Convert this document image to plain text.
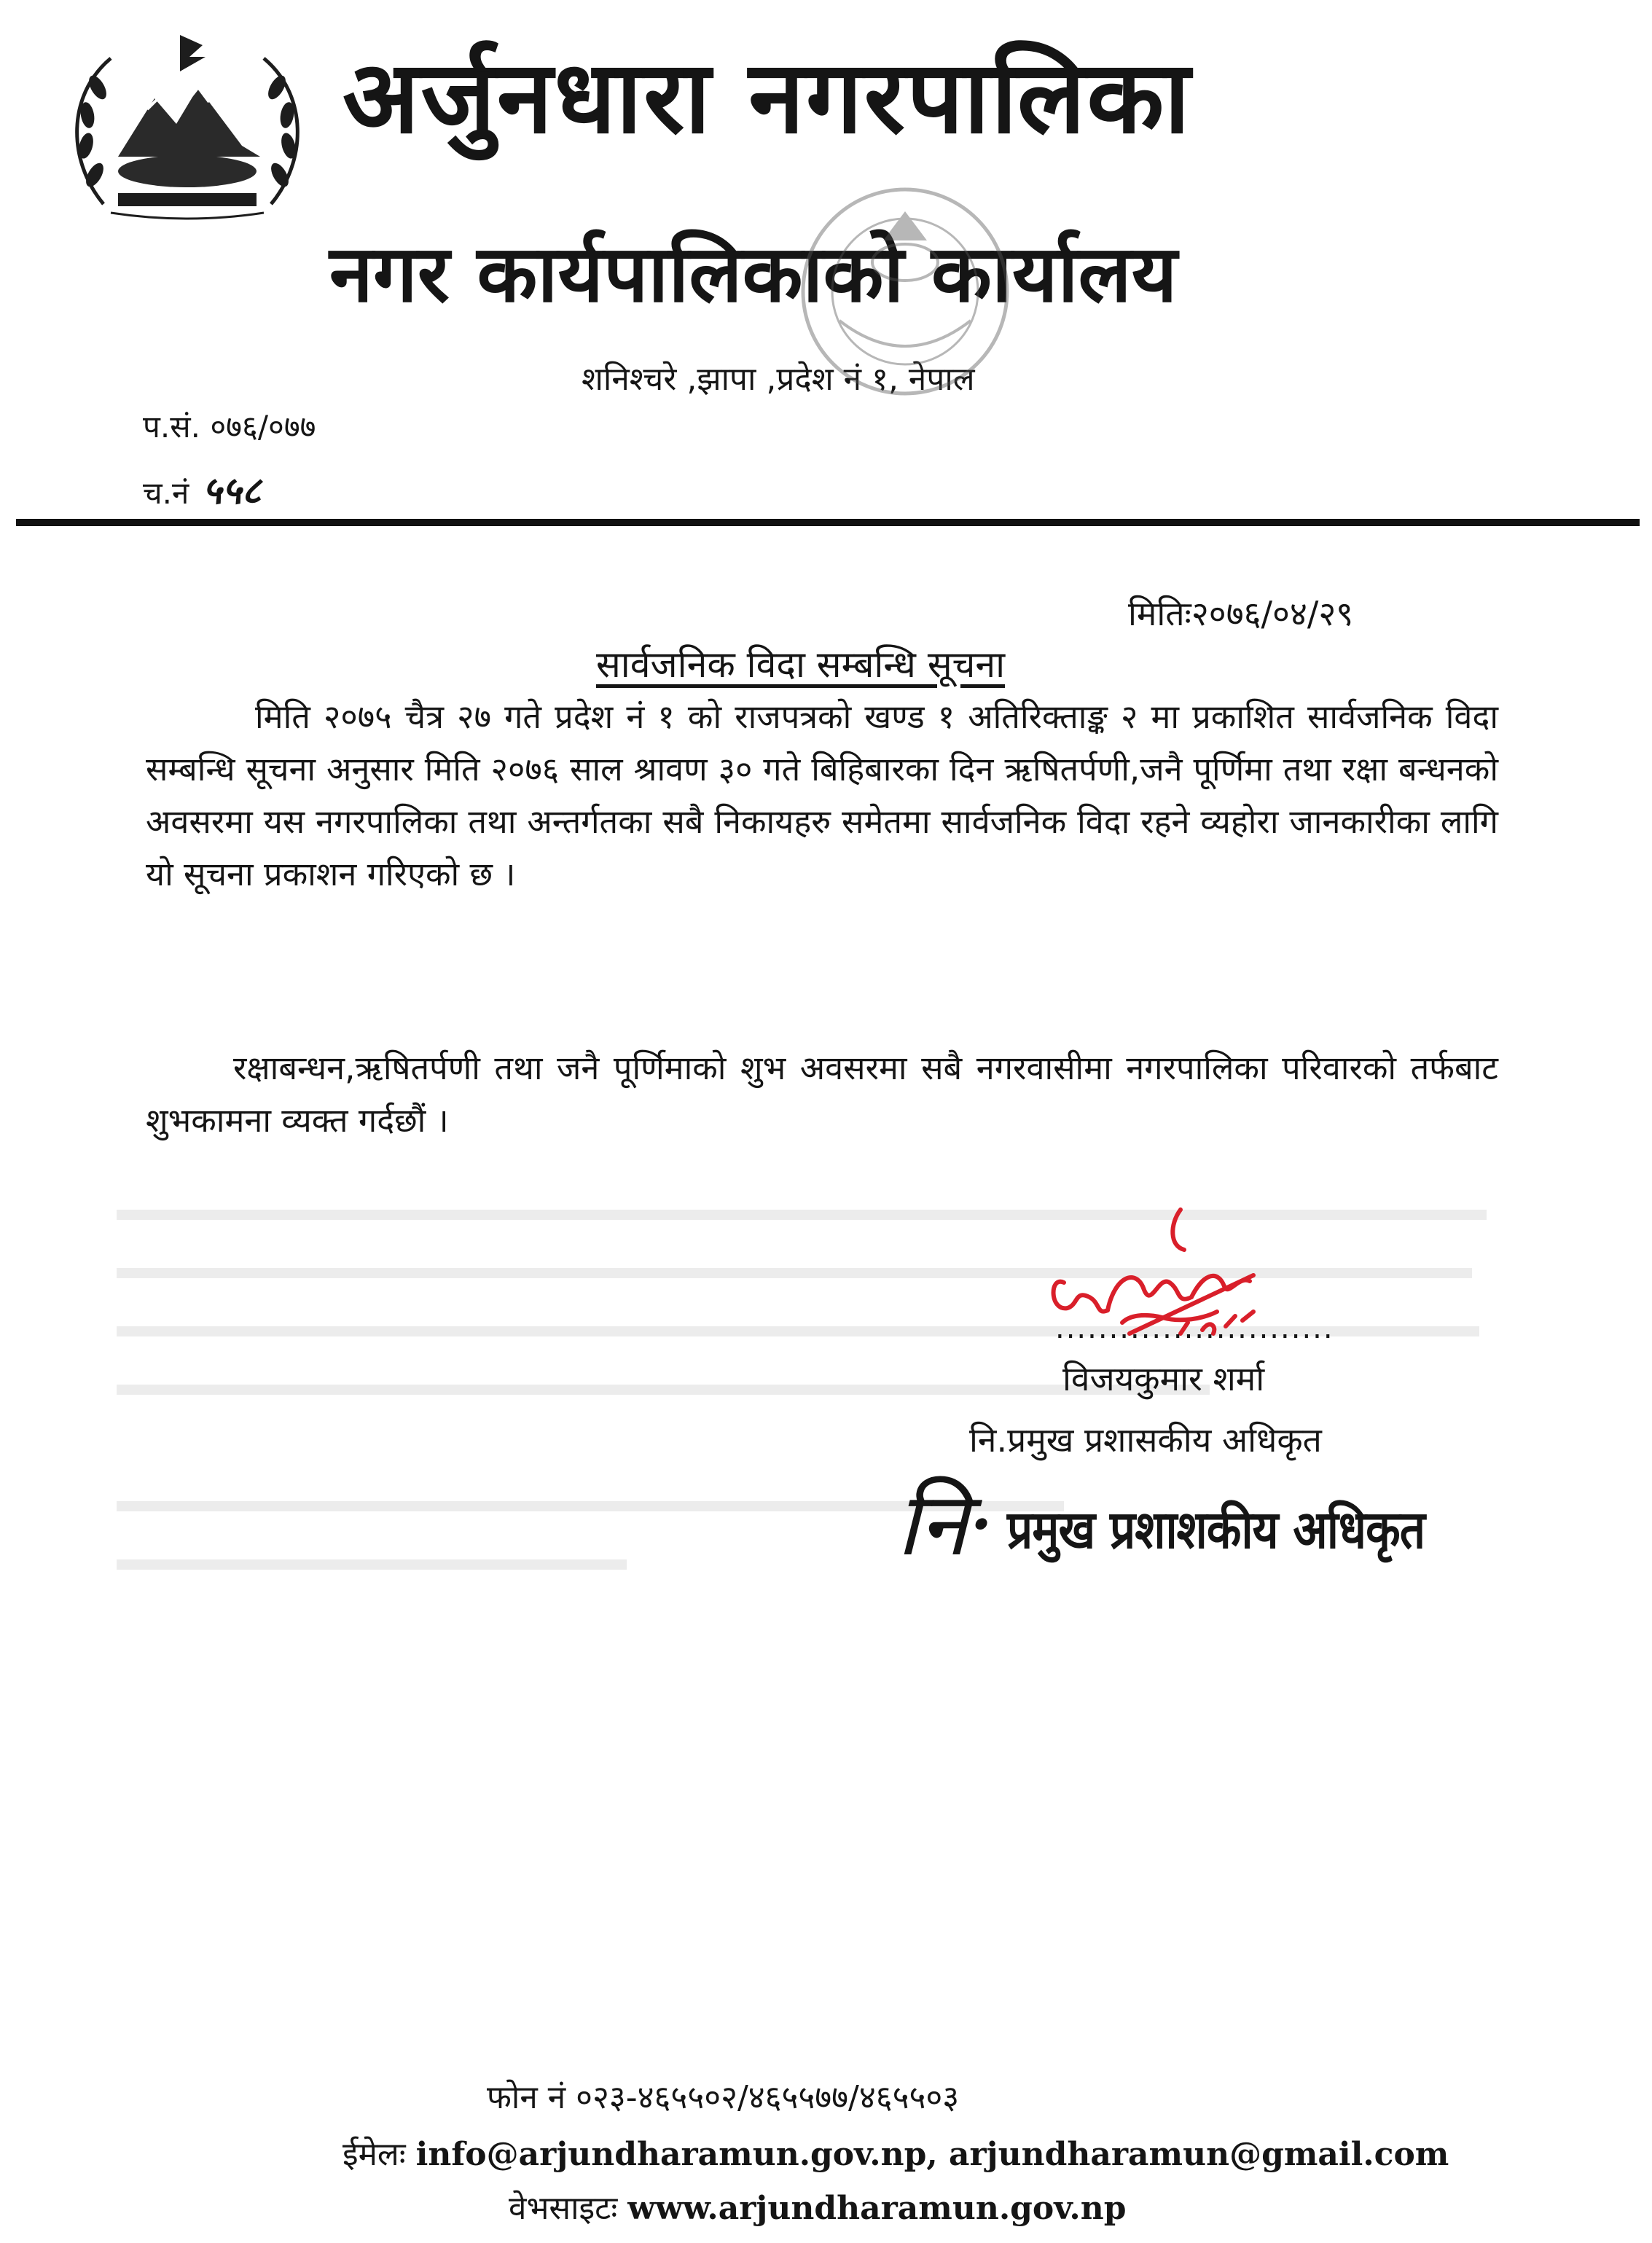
अर्जुनधारा नगरपालिका
नगर कार्यपालिकाको कार्यालय
शनिश्चरे ,झापा ,प्रदेश नं १, नेपाल
प.सं. ०७६/०७७
च.नं ५५८
मितिः२०७६/०४/२९
सार्वजनिक विदा सम्बन्धि सूचना
मिति २०७५ चैत्र २७ गते प्रदेश नं १ को राजपत्रको खण्ड १ अतिरिक्ताङ्क २ मा प्रकाशित सार्वजनिक विदा सम्बन्धि सूचना अनुसार मिति २०७६ साल श्रावण ३० गते बिहिबारका दिन ऋषितर्पणी,जनै पूर्णिमा तथा रक्षा बन्धनको अवसरमा यस नगरपालिका तथा अन्तर्गतका सबै निकायहरु समेतमा सार्वजनिक विदा रहने व्यहोरा जानकारीका लागि यो सूचना प्रकाशन गरिएको छ ।
रक्षाबन्धन,ऋषितर्पणी तथा जनै पूर्णिमाको शुभ अवसरमा सबै नगरवासीमा नगरपालिका परिवारको तर्फबाट शुभकामना व्यक्त गर्दछौं ।
..........................
विजयकुमार शर्मा
नि.प्रमुख प्रशासकीय अधिकृत
नि· प्रमुख प्रशाशकीय अधिकृत
फोन नं ०२३-४६५५०२/४६५५७७/४६५५०३
ईमेलः info@arjundharamun.gov.np, arjundharamun@gmail.com
वेभसाइटः www.arjundharamun.gov.np
